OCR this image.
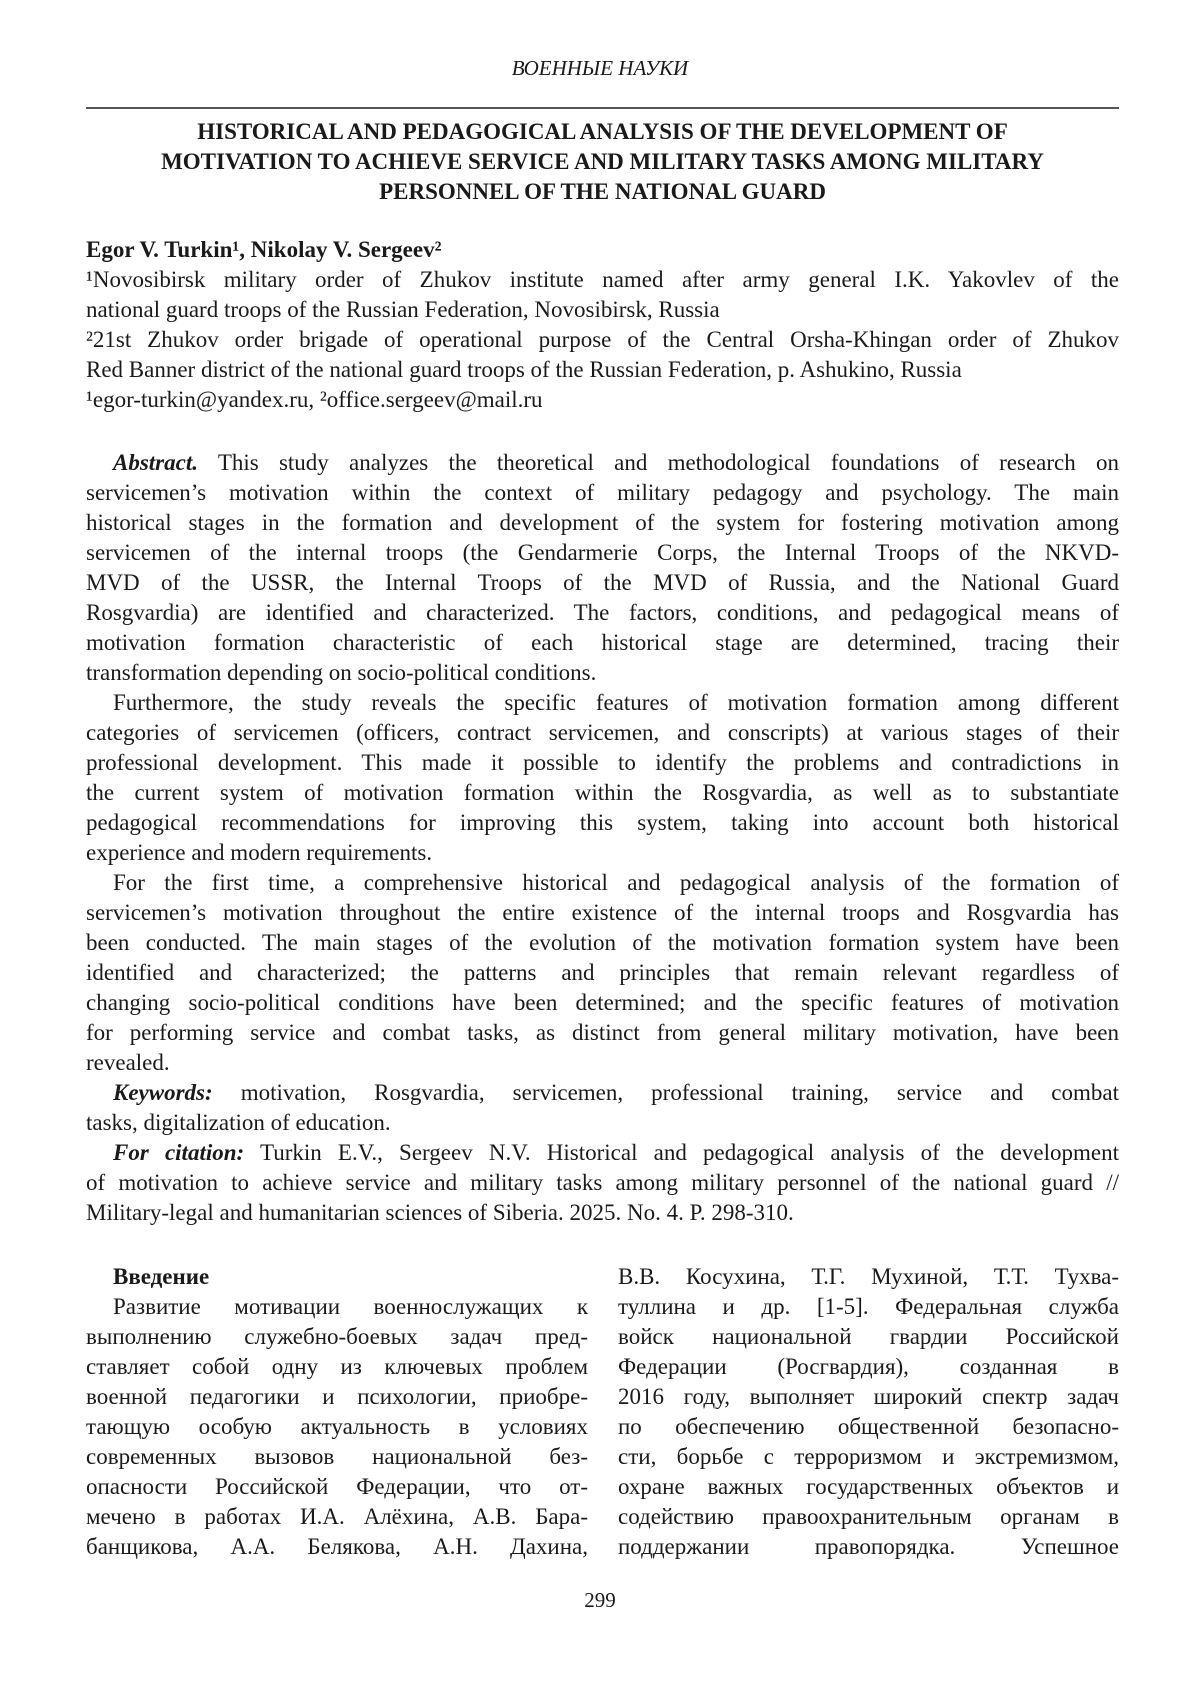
ВОЕННЫЕ НАУКИ
HISTORICAL AND PEDAGOGICAL ANALYSIS OF THE DEVELOPMENT OF
MOTIVATION TO ACHIEVE SERVICE AND MILITARY TASKS AMONG MILITARY
PERSONNEL OF THE NATIONAL GUARD
Egor V. Turkin¹, Nikolay V. Sergeev²
¹Novosibirsk military order of Zhukov institute named after army general I.K. Yakovlev of the
national guard troops of the Russian Federation, Novosibirsk, Russia
²21st Zhukov order brigade of operational purpose of the Central Orsha-Khingan order of Zhukov
Red Banner district of the national guard troops of the Russian Federation, p. Ashukino, Russia
¹egor-turkin@yandex.ru, ²office.sergeev@mail.ru
Abstract. This study analyzes the theoretical and methodological foundations of research on
servicemen’s motivation within the context of military pedagogy and psychology. The main
historical stages in the formation and development of the system for fostering motivation among
servicemen of the internal troops (the Gendarmerie Corps, the Internal Troops of the NKVD-
MVD of the USSR, the Internal Troops of the MVD of Russia, and the National Guard
Rosgvardia) are identified and characterized. The factors, conditions, and pedagogical means of
motivation formation characteristic of each historical stage are determined, tracing their
transformation depending on socio-political conditions.
Furthermore, the study reveals the specific features of motivation formation among different
categories of servicemen (officers, contract servicemen, and conscripts) at various stages of their
professional development. This made it possible to identify the problems and contradictions in
the current system of motivation formation within the Rosgvardia, as well as to substantiate
pedagogical recommendations for improving this system, taking into account both historical
experience and modern requirements.
For the first time, a comprehensive historical and pedagogical analysis of the formation of
servicemen’s motivation throughout the entire existence of the internal troops and Rosgvardia has
been conducted. The main stages of the evolution of the motivation formation system have been
identified and characterized; the patterns and principles that remain relevant regardless of
changing socio-political conditions have been determined; and the specific features of motivation
for performing service and combat tasks, as distinct from general military motivation, have been
revealed.
Keywords: motivation, Rosgvardia, servicemen, professional training, service and combat
tasks, digitalization of education.
For citation: Turkin E.V., Sergeev N.V. Historical and pedagogical analysis of the development
of motivation to achieve service and military tasks among military personnel of the national guard //
Military-legal and humanitarian sciences of Siberia. 2025. No. 4. P. 298-310.
Введение
Развитие мотивации военнослужащих к
выполнению служебно-боевых задач пред-
ставляет собой одну из ключевых проблем
военной педагогики и психологии, приобре-
тающую особую актуальность в условиях
современных вызовов национальной без-
опасности Российской Федерации, что от-
мечено в работах И.А. Алёхина, А.В. Бара-
банщикова, А.А. Белякова, А.Н. Дахина,
В.В. Косухина, Т.Г. Мухиной, Т.Т. Тухва-
туллина и др. [1-5]. Федеральная служба
войск национальной гвардии Российской
Федерации (Росгвардия), созданная в
2016 году, выполняет широкий спектр задач
по обеспечению общественной безопасно-
сти, борьбе с терроризмом и экстремизмом,
охране важных государственных объектов и
содействию правоохранительным органам в
поддержании правопорядка. Успешное
299
